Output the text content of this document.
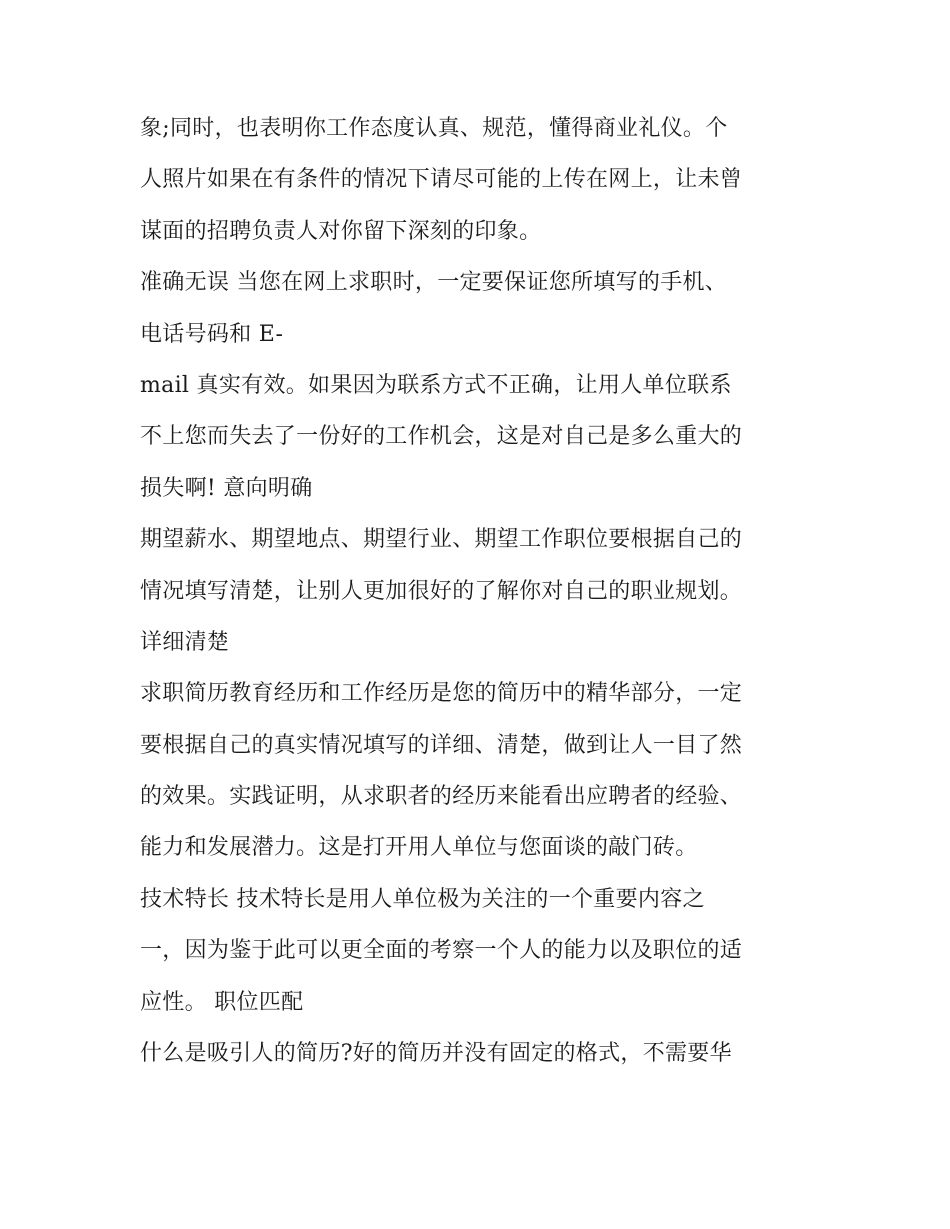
象;同时，也表明你工作态度认真、规范，懂得商业礼仪。个
人照片如果在有条件的情况下请尽可能的上传在网上，让未曾
谋面的招聘负责人对你留下深刻的印象。
准确无误 当您在网上求职时，一定要保证您所填写的手机、
电话号码和 E-
mail 真实有效。如果因为联系方式不正确，让用人单位联系
不上您而失去了一份好的工作机会，这是对自己是多么重大的
损失啊! 意向明确
期望薪水、期望地点、期望行业、期望工作职位要根据自己的
情况填写清楚，让别人更加很好的了解你对自己的职业规划。
详细清楚
求职简历教育经历和工作经历是您的简历中的精华部分，一定
要根据自己的真实情况填写的详细、清楚，做到让人一目了然
的效果。实践证明，从求职者的经历来能看出应聘者的经验、
能力和发展潜力。这是打开用人单位与您面谈的敲门砖。
技术特长 技术特长是用人单位极为关注的一个重要内容之
一，因为鉴于此可以更全面的考察一个人的能力以及职位的适
应性。 职位匹配
什么是吸引人的简历?好的简历并没有固定的格式，不需要华
